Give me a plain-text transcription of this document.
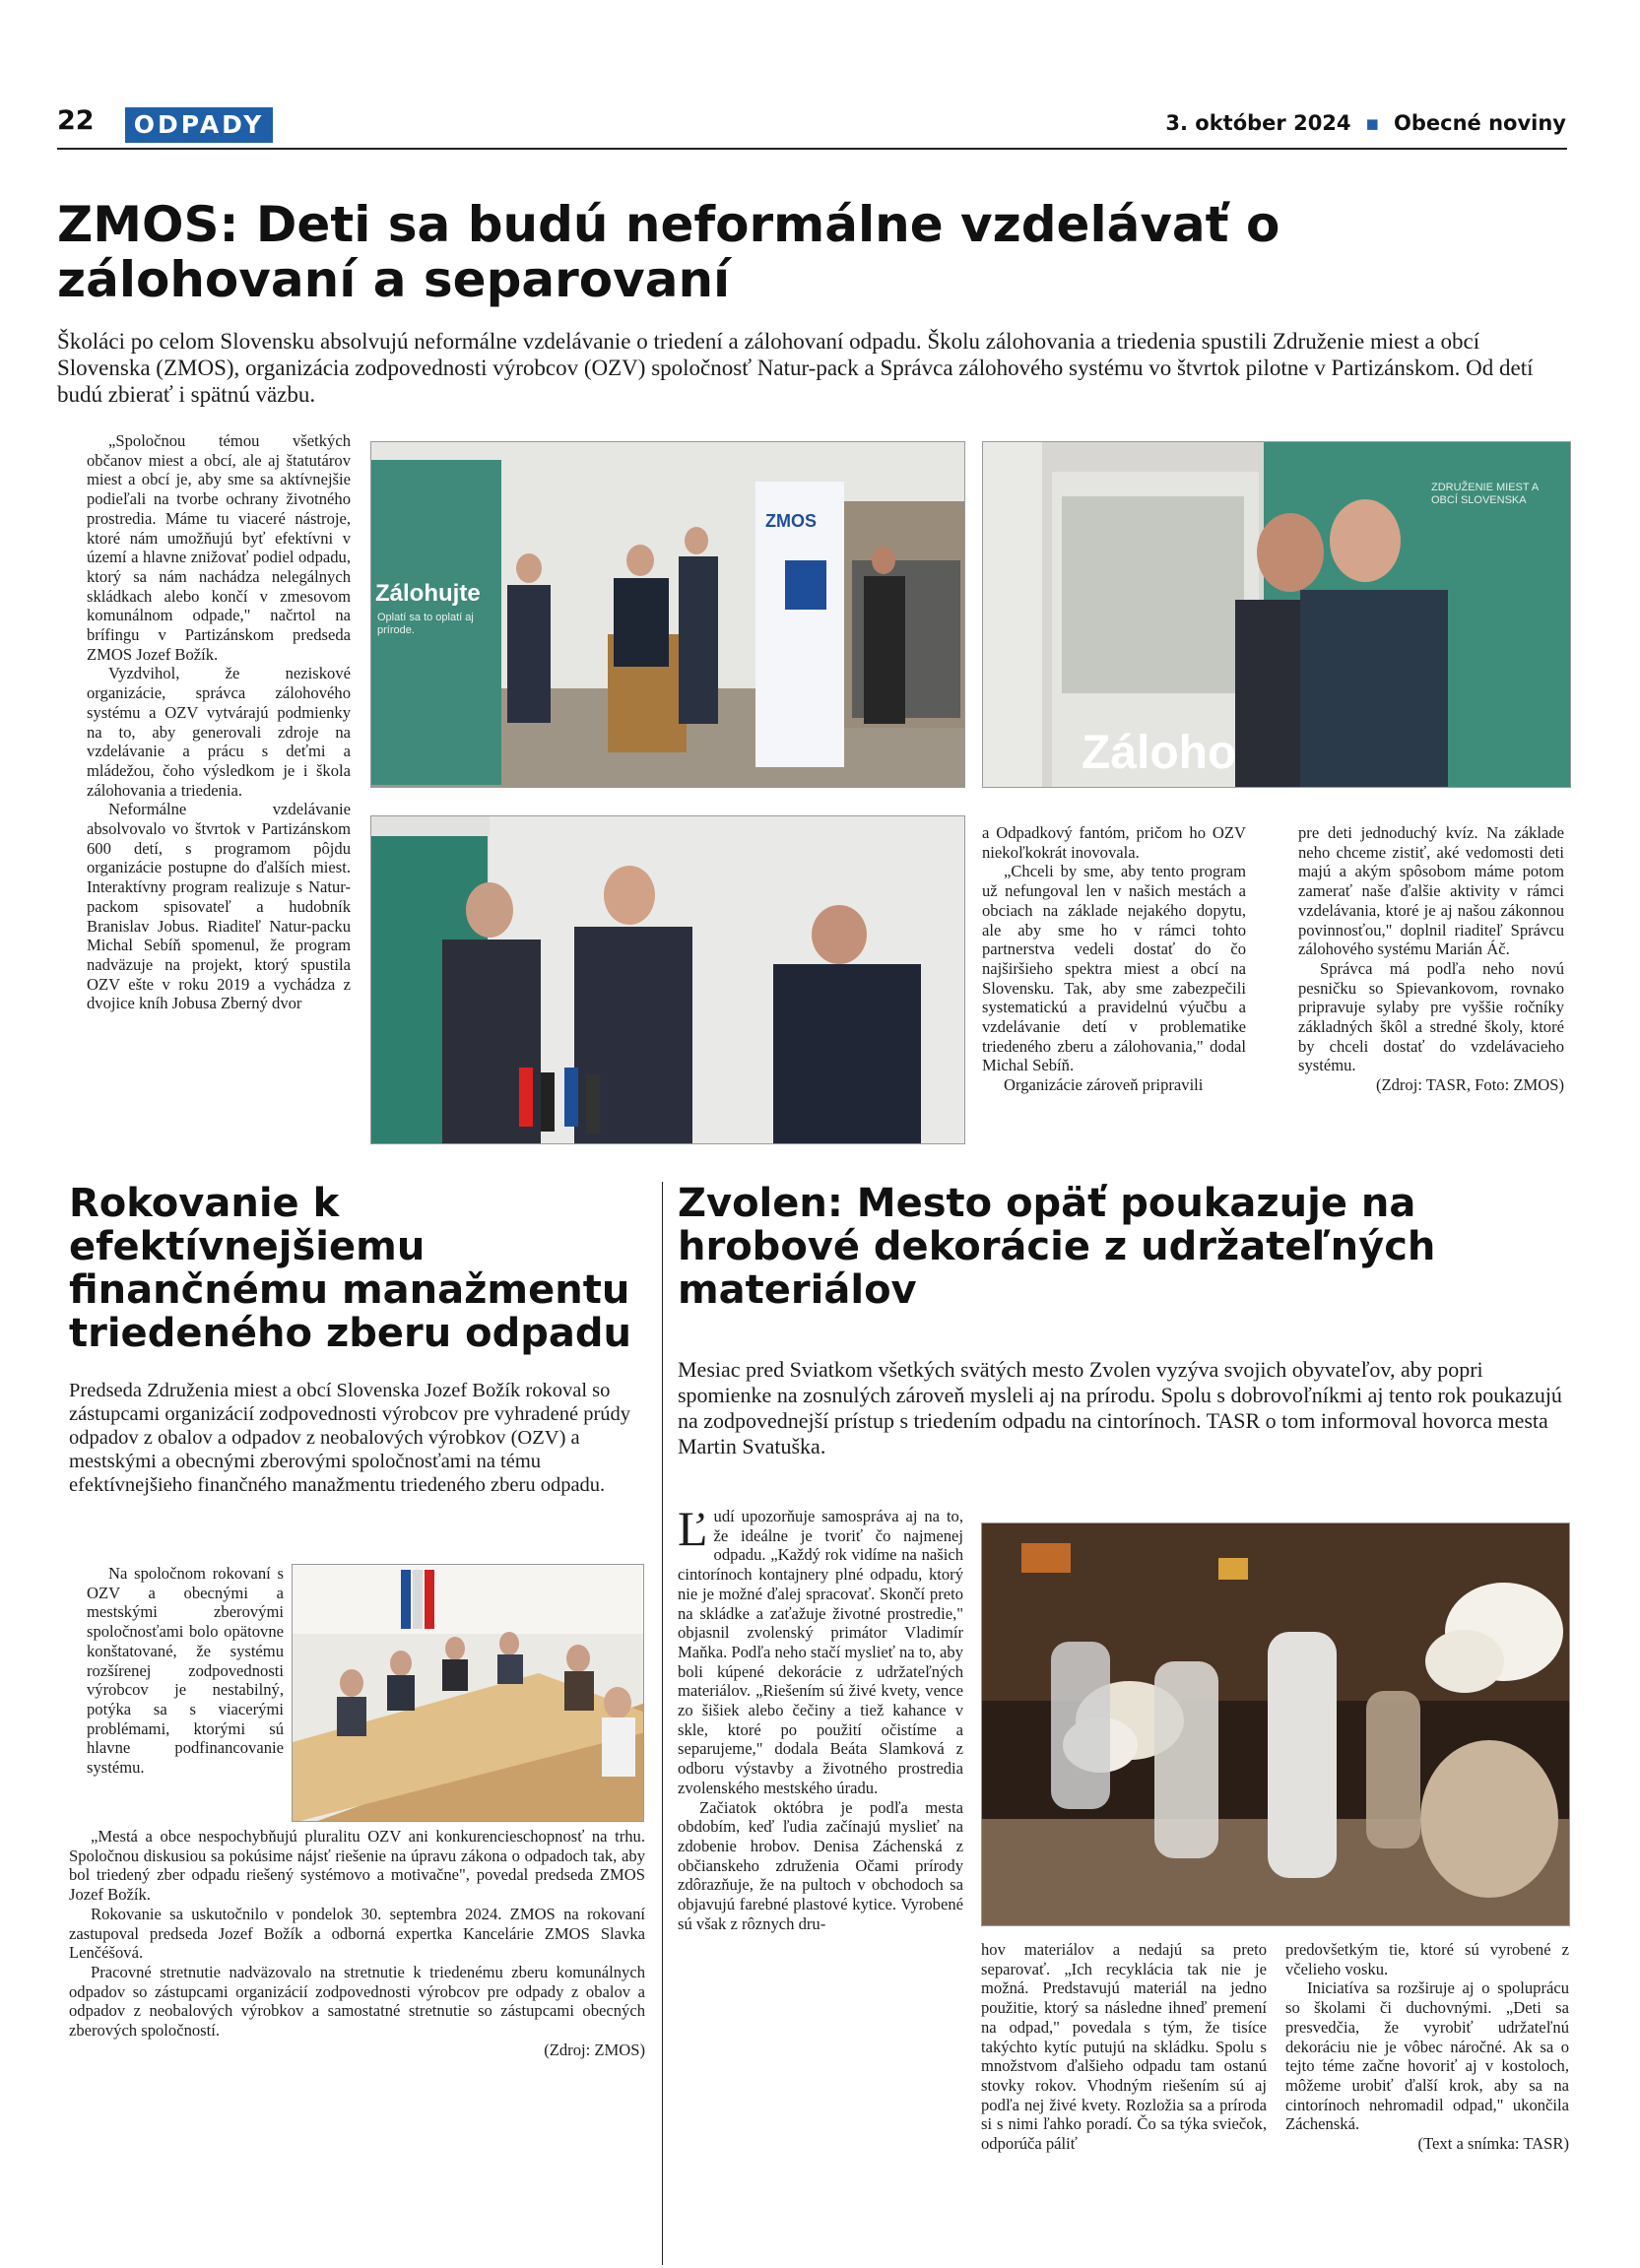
22	ODPADY	3. október 2024  ▪  Obecné noviny
ZMOS: Deti sa budú neformálne vzdelávať o zálohovaní a separovaní
Školáci po celom Slovensku absolvujú neformálne vzdelávanie o triedení a zálohovaní odpadu. Školu zálohovania a triedenia spustili Združenie miest a obcí Slovenska (ZMOS), organizácia zodpovednosti výrobcov (OZV) spoločnosť Natur-pack a Správca zálohového systému vo štvrtok pilotne v Partizánskom. Od detí budú zbierať i spätnú väzbu.

„Spoločnou témou všetkých občanov miest a obcí, ale aj štatutárov miest a obcí je, aby sme sa aktívnejšie podieľali na tvorbe ochrany životného prostredia. Máme tu viaceré nástroje, ktoré nám umožňujú byť efektívni v území a hlavne znižovať podiel odpadu, ktorý sa nám nachádza nelegálnych skládkach alebo končí v zmesovom komunálnom odpade," načrtol na brífingu v Partizánskom predseda ZMOS Jozef Božík.

Vyzdvihol, že neziskové organizácie, správca zálohového systému a OZV vytvárajú podmienky na to, aby generovali zdroje na vzdelávanie a prácu s deťmi a mládežou, čoho výsledkom je i škola zálohovania a triedenia.

Neformálne vzdelávanie absolvovalo vo štvrtok v Partizánskom 600 detí, s programom pôjdu organizácie postupne do ďalších miest. Interaktívny program realizuje s Natur-packom spisovateľ a hudobník Branislav Jobus. Riaditeľ Natur-packu Michal Sebíň spomenul, že program nadväzuje na projekt, ktorý spustila OZV ešte v roku 2019 a vychádza z dvojice kníh Jobusa Zberný dvor

Zálohujte
Oplatí sa to oplatí aj prírode.
ZMOS
Záloho
ZDRUŽENIE MIEST A OBCÍ SLOVENSKA

a Odpadkový fantóm, pričom ho OZV niekoľkokrát inovovala.

„Chceli by sme, aby tento program už nefungoval len v našich mestách a obciach na základe nejakého dopytu, ale aby sme ho v rámci tohto partnerstva vedeli dostať do čo najširšieho spektra miest a obcí na Slovensku. Tak, aby sme zabezpečili systematickú a pravidelnú výučbu a vzdelávanie detí v problematike triedeného zberu a zálohovania," dodal Michal Sebíň.

Organizácie zároveň pripravili

pre deti jednoduchý kvíz. Na základe neho chceme zistiť, aké vedomosti deti majú a akým spôsobom máme potom zamerať naše ďalšie aktivity v rámci vzdelávania, ktoré je aj našou zákonnou povinnosťou," doplnil riaditeľ Správcu zálohového systému Marián Áč.

Správca má podľa neho novú pesničku so Spievankovom, rovnako pripravuje sylaby pre vyššie ročníky základných škôl a stredné školy, ktoré by chceli dostať do vzdelávacieho systému.

(Zdroj: TASR, Foto: ZMOS)

Rokovanie k efektívnejšiemu finančnému manažmentu triedeného zberu odpadu
Predseda Združenia miest a obcí Slovenska Jozef Božík rokoval so zástupcami organizácií zodpovednosti výrobcov pre vyhradené prúdy odpadov z obalov a odpadov z neobalových výrobkov (OZV) a mestskými a obecnými zberovými spoločnosťami na tému efektívnejšieho finančného manažmentu triedeného zberu odpadu.

Na spoločnom rokovaní s OZV a obecnými a mestskými zberovými spoločnosťami bolo opätovne konštatované, že systému rozšírenej zodpovednosti výrobcov je nestabilný, potýka sa s viacerými problémami, ktorými sú hlavne podfinancovanie systému.

„Mestá a obce nespochybňujú pluralitu OZV ani konkurencieschopnosť na trhu. Spoločnou diskusiou sa pokúsime nájsť riešenie na úpravu zákona o odpadoch tak, aby bol triedený zber odpadu riešený systémovo a motivačne", povedal predseda ZMOS Jozef Božík.

Rokovanie sa uskutočnilo v pondelok 30. septembra 2024. ZMOS na rokovaní zastupoval predseda Jozef Božík a odborná expertka Kancelárie ZMOS Slavka Lenčéšová.

Pracovné stretnutie nadväzovalo na stretnutie k triedenému zberu komunálnych odpadov so zástupcami organizácií zodpovednosti výrobcov pre odpady z obalov a odpadov z neobalových výrobkov a samostatné stretnutie so zástupcami obecných zberových spoločností.

(Zdroj: ZMOS)

Zvolen: Mesto opäť poukazuje na hrobové dekorácie z udržateľných materiálov
Mesiac pred Sviatkom všetkých svätých mesto Zvolen vyzýva svojich obyvateľov, aby popri spomienke na zosnulých zároveň mysleli aj na prírodu. Spolu s dobrovoľníkmi aj tento rok poukazujú na zodpovednejší prístup s triedením odpadu na cintorínoch. TASR o tom informoval hovorca mesta Martin Svatuška.

Ľ udí upozorňuje samospráva aj na to, že ideálne je tvoriť čo najmenej odpadu. „Každý rok vidíme na našich cintorínoch kontajnery plné odpadu, ktorý nie je možné ďalej spracovať. Skončí preto na skládke a zaťažuje životné prostredie," objasnil zvolenský primátor Vladimír Maňka. Podľa neho stačí myslieť na to, aby boli kúpené dekorácie z udržateľných materiálov. „Riešením sú živé kvety, vence zo šišiek alebo čečiny a tiež kahance v skle, ktoré po použití očistíme a separujeme," dodala Beáta Slamková z odboru výstavby a životného prostredia zvolenského mestského úradu.

Začiatok októbra je podľa mesta obdobím, keď ľudia začínajú myslieť na zdobenie hrobov. Denisa Záchenská z občianskeho združenia Očami prírody zdôrazňuje, že na pultoch v obchodoch sa objavujú farebné plastové kytice. Vyrobené sú však z rôznych dru-

hov materiálov a nedajú sa preto separovať. „Ich recyklácia tak nie je možná. Predstavujú materiál na jedno použitie, ktorý sa následne ihneď premení na odpad," povedala s tým, že tisíce takýchto kytíc putujú na skládku. Spolu s množstvom ďalšieho odpadu tam ostanú stovky rokov. Vhodným riešením sú aj podľa nej živé kvety. Rozložia sa a príroda si s nimi ľahko poradí. Čo sa týka sviečok, odporúča páliť

predovšetkým tie, ktoré sú vyrobené z včelieho vosku.

Iniciatíva sa rozširuje aj o spoluprácu so školami či duchovnými. „Deti sa presvedčia, že vyrobiť udržateľnú dekoráciu nie je vôbec náročné. Ak sa o tejto téme začne hovoriť aj v kostoloch, môžeme urobiť ďalší krok, aby sa na cintorínoch nehromadil odpad," ukončila Záchenská.

(Text a snímka: TASR)
